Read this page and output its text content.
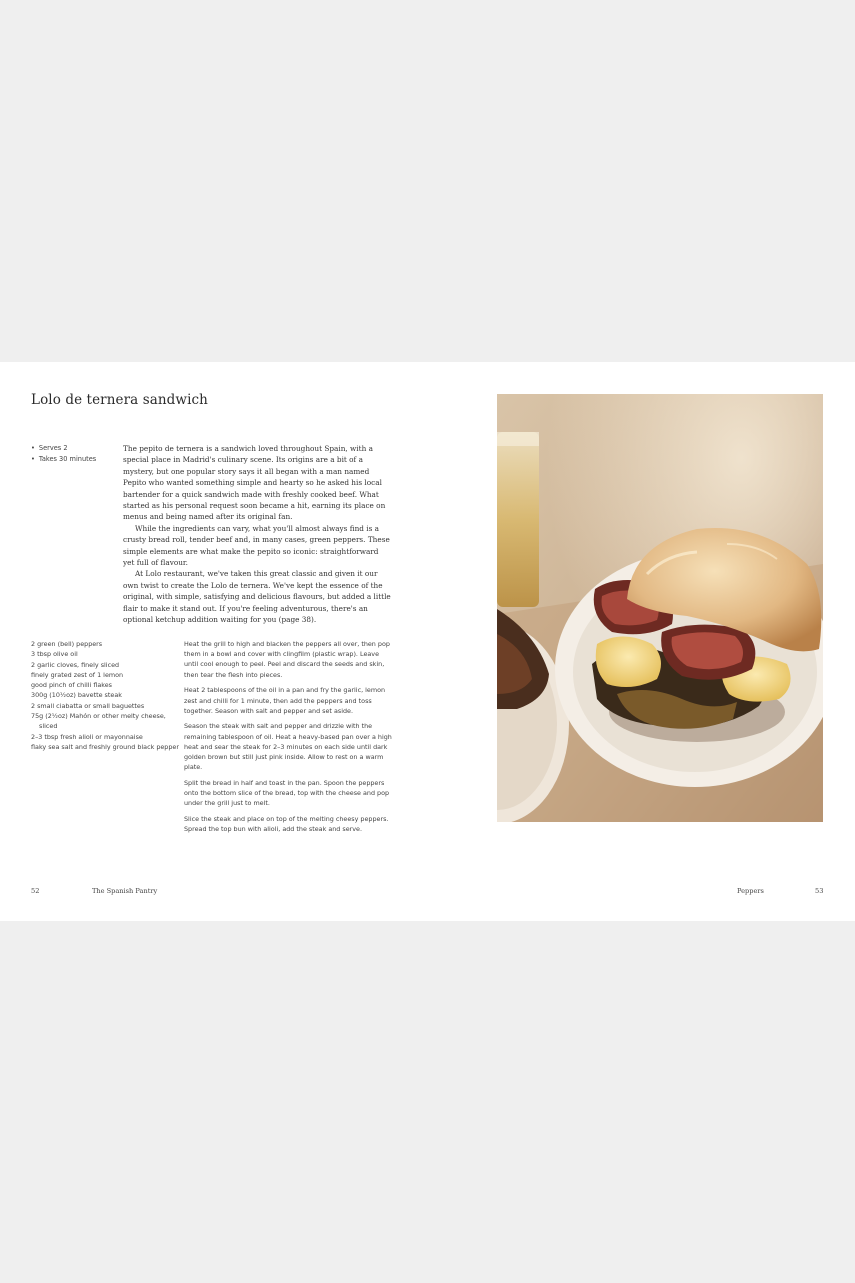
Lolo de ternera sandwich
• Serves 2
• Takes 30 minutes

The pepito de ternera is a sandwich loved throughout Spain, with a special place in Madrid's culinary scene. Its origins are a bit of a mystery, but one popular story says it all began with a man named Pepito who wanted something simple and hearty so he asked his local bartender for a quick sandwich made with freshly cooked beef. What started as his personal request soon became a hit, earning its place on menus and being named after its original fan.

While the ingredients can vary, what you'll almost always find is a crusty bread roll, tender beef and, in many cases, green peppers. These simple elements are what make the pepito so iconic: straightforward yet full of flavour.

At Lolo restaurant, we've taken this great classic and given it our own twist to create the Lolo de ternera. We've kept the essence of the original, with simple, satisfying and delicious flavours, but added a little flair to make it stand out. If you're feeling adventurous, there's an optional ketchup addition waiting for you (page 38).

2 green (bell) peppers
3 tbsp olive oil
2 garlic cloves, finely sliced
finely grated zest of 1 lemon
good pinch of chilli flakes
300g (10½oz) bavette steak
2 small ciabatta or small baguettes
75g (2½oz) Mahón or other melty cheese, sliced
2–3 tbsp fresh alioli or mayonnaise
flaky sea salt and freshly ground black pepper

Heat the grill to high and blacken the peppers all over, then pop them in a bowl and cover with clingfilm (plastic wrap). Leave until cool enough to peel. Peel and discard the seeds and skin, then tear the flesh into pieces.

Heat 2 tablespoons of the oil in a pan and fry the garlic, lemon zest and chilli for 1 minute, then add the peppers and toss together. Season with salt and pepper and set aside.

Season the steak with salt and pepper and drizzle with the remaining tablespoon of oil. Heat a heavy-based pan over a high heat and sear the steak for 2–3 minutes on each side until dark golden brown but still just pink inside. Allow to rest on a warm plate.

Split the bread in half and toast in the pan. Spoon the peppers onto the bottom slice of the bread, top with the cheese and pop under the grill just to melt.

Slice the steak and place on top of the melting cheesy peppers. Spread the top bun with alioli, add the steak and serve.

52	The Spanish Pantry	Peppers	53
